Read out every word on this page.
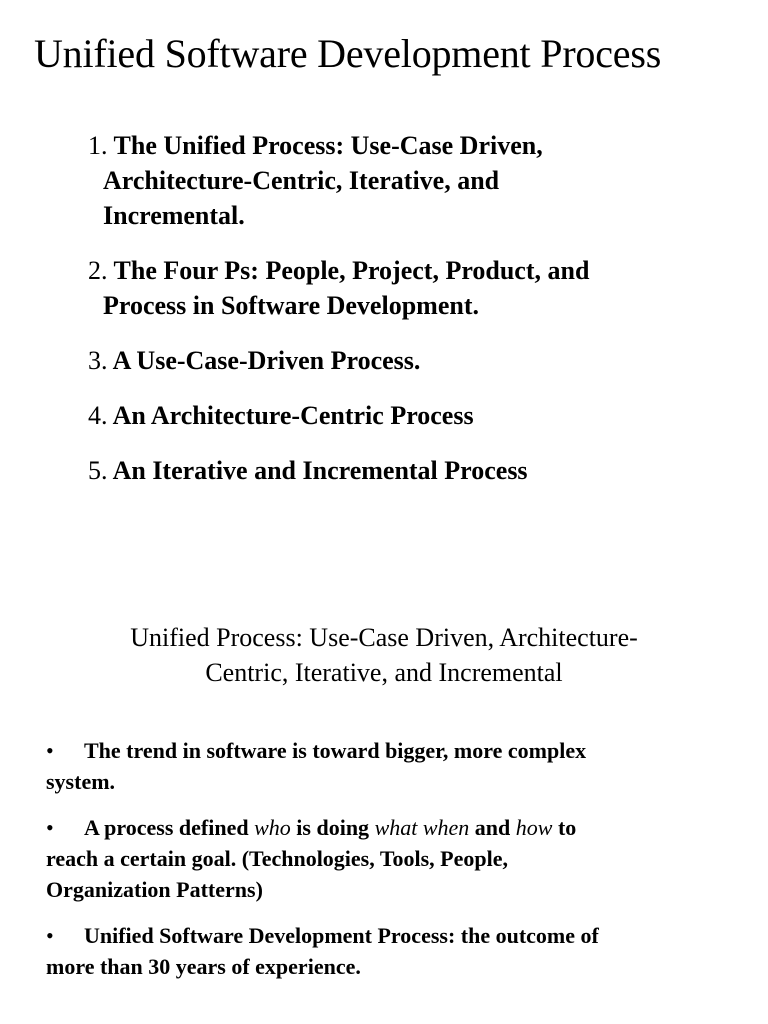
Unified Software Development Process
1. The Unified Process: Use-Case Driven,
Architecture-Centric, Iterative, and
Incremental.
2. The Four Ps: People, Project, Product, and
Process in Software Development.
3. A Use-Case-Driven Process.
4. An Architecture-Centric Process
5. An Iterative and Incremental Process
Unified Process: Use-Case Driven, Architecture-
Centric, Iterative, and Incremental
• The trend in software is toward bigger, more complex
system.
• A process defined who is doing what when and how to
reach a certain goal. (Technologies, Tools, People,
Organization Patterns)
• Unified Software Development Process: the outcome of
more than 30 years of experience.
